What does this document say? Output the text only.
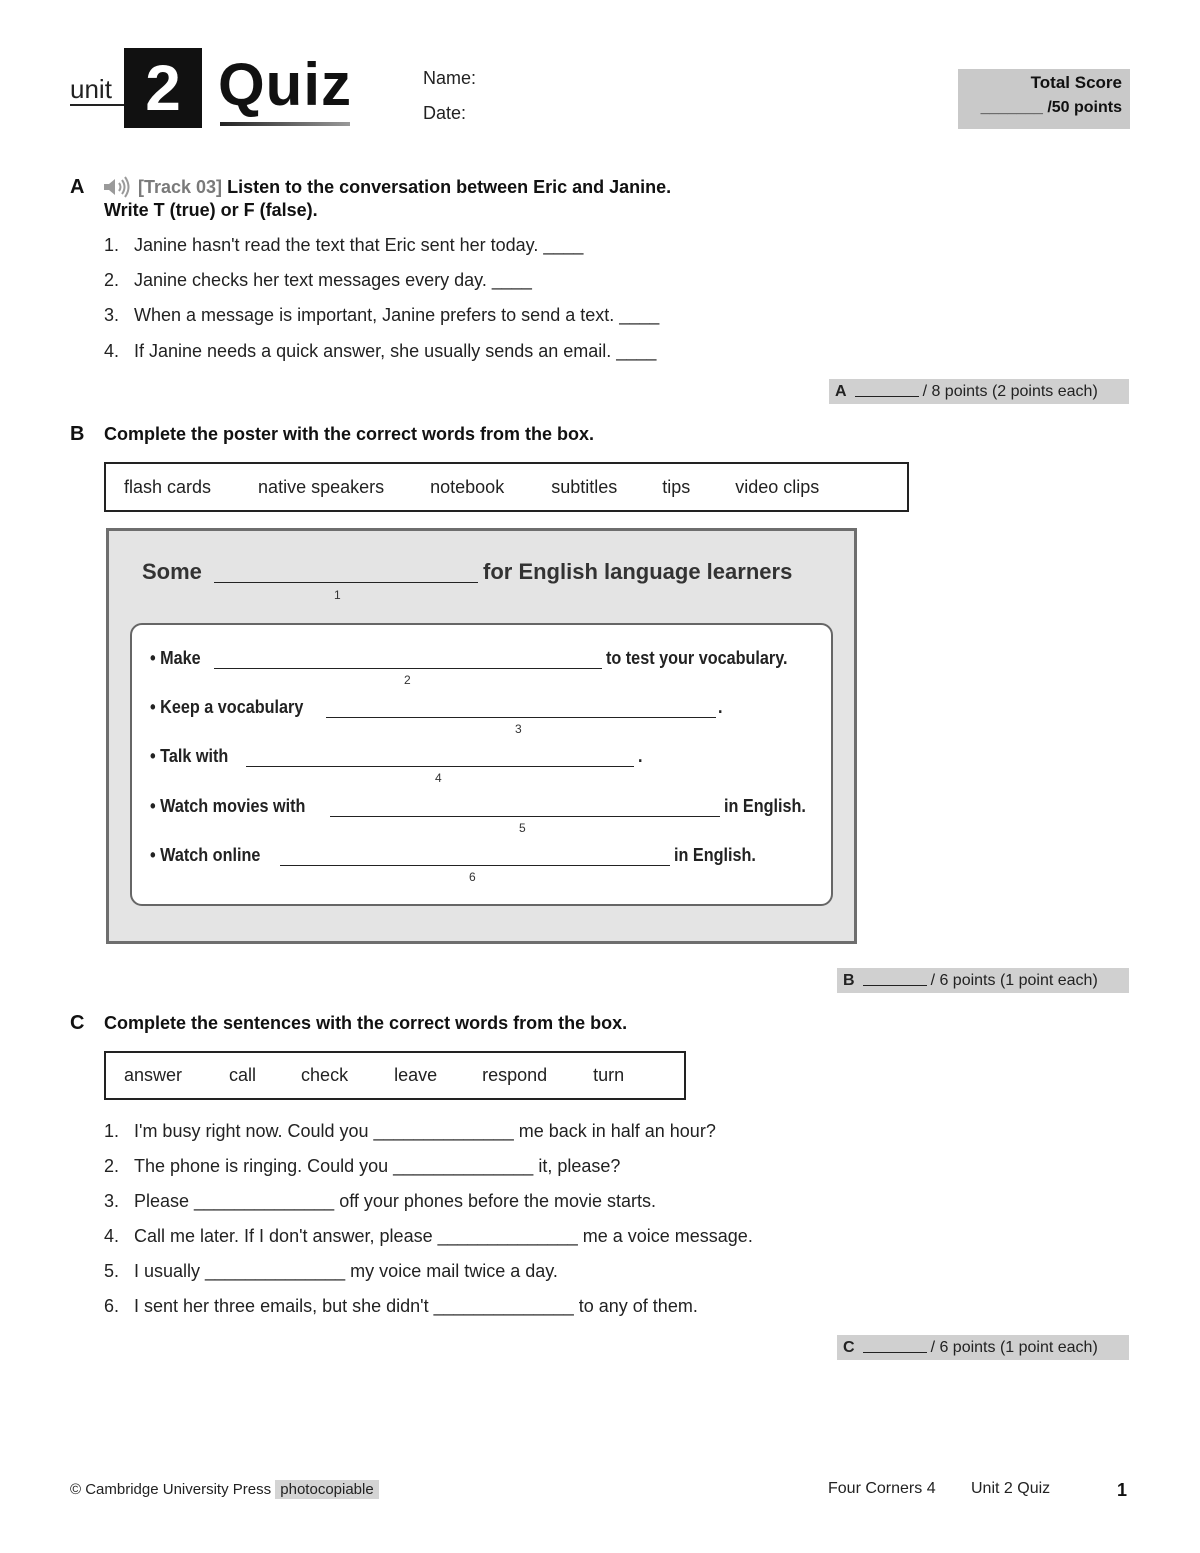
unit 2 Quiz	Name:
Date:
Total Score
_______ /50 points
A	[Track 03] Listen to the conversation between Eric and Janine.
Write T (true) or F (false).
1. Janine hasn't read the text that Eric sent her today. ____
2. Janine checks her text messages every day. ____
3. When a message is important, Janine prefers to send a text. ____
4. If Janine needs a quick answer, she usually sends an email. ____
A	/ 8 points (2 points each)
B Complete the poster with the correct words from the box.
flash cards	native speakers	notebook	subtitles	tips	video clips
Some
1
for English language learners
• Make
2
to test your vocabulary.
• Keep a vocabulary
3
.
• Talk with
4
.
• Watch movies with
5
in English.
• Watch online
6
in English.
B	/ 6 points (1 point each)
C Complete the sentences with the correct words from the box.
answer	call	check	leave	respond	turn
1. I'm busy right now. Could you ______________ me back in half an hour?
2. The phone is ringing. Could you ______________ it, please?
3. Please ______________ off your phones before the movie starts.
4. Call me later. If I don't answer, please ______________ me a voice message.
5. I usually ______________ my voice mail twice a day.
6. I sent her three emails, but she didn't ______________ to any of them.
C	/ 6 points (1 point each)
© Cambridge University Press photocopiable	Four Corners 4 Unit 2 Quiz	1
